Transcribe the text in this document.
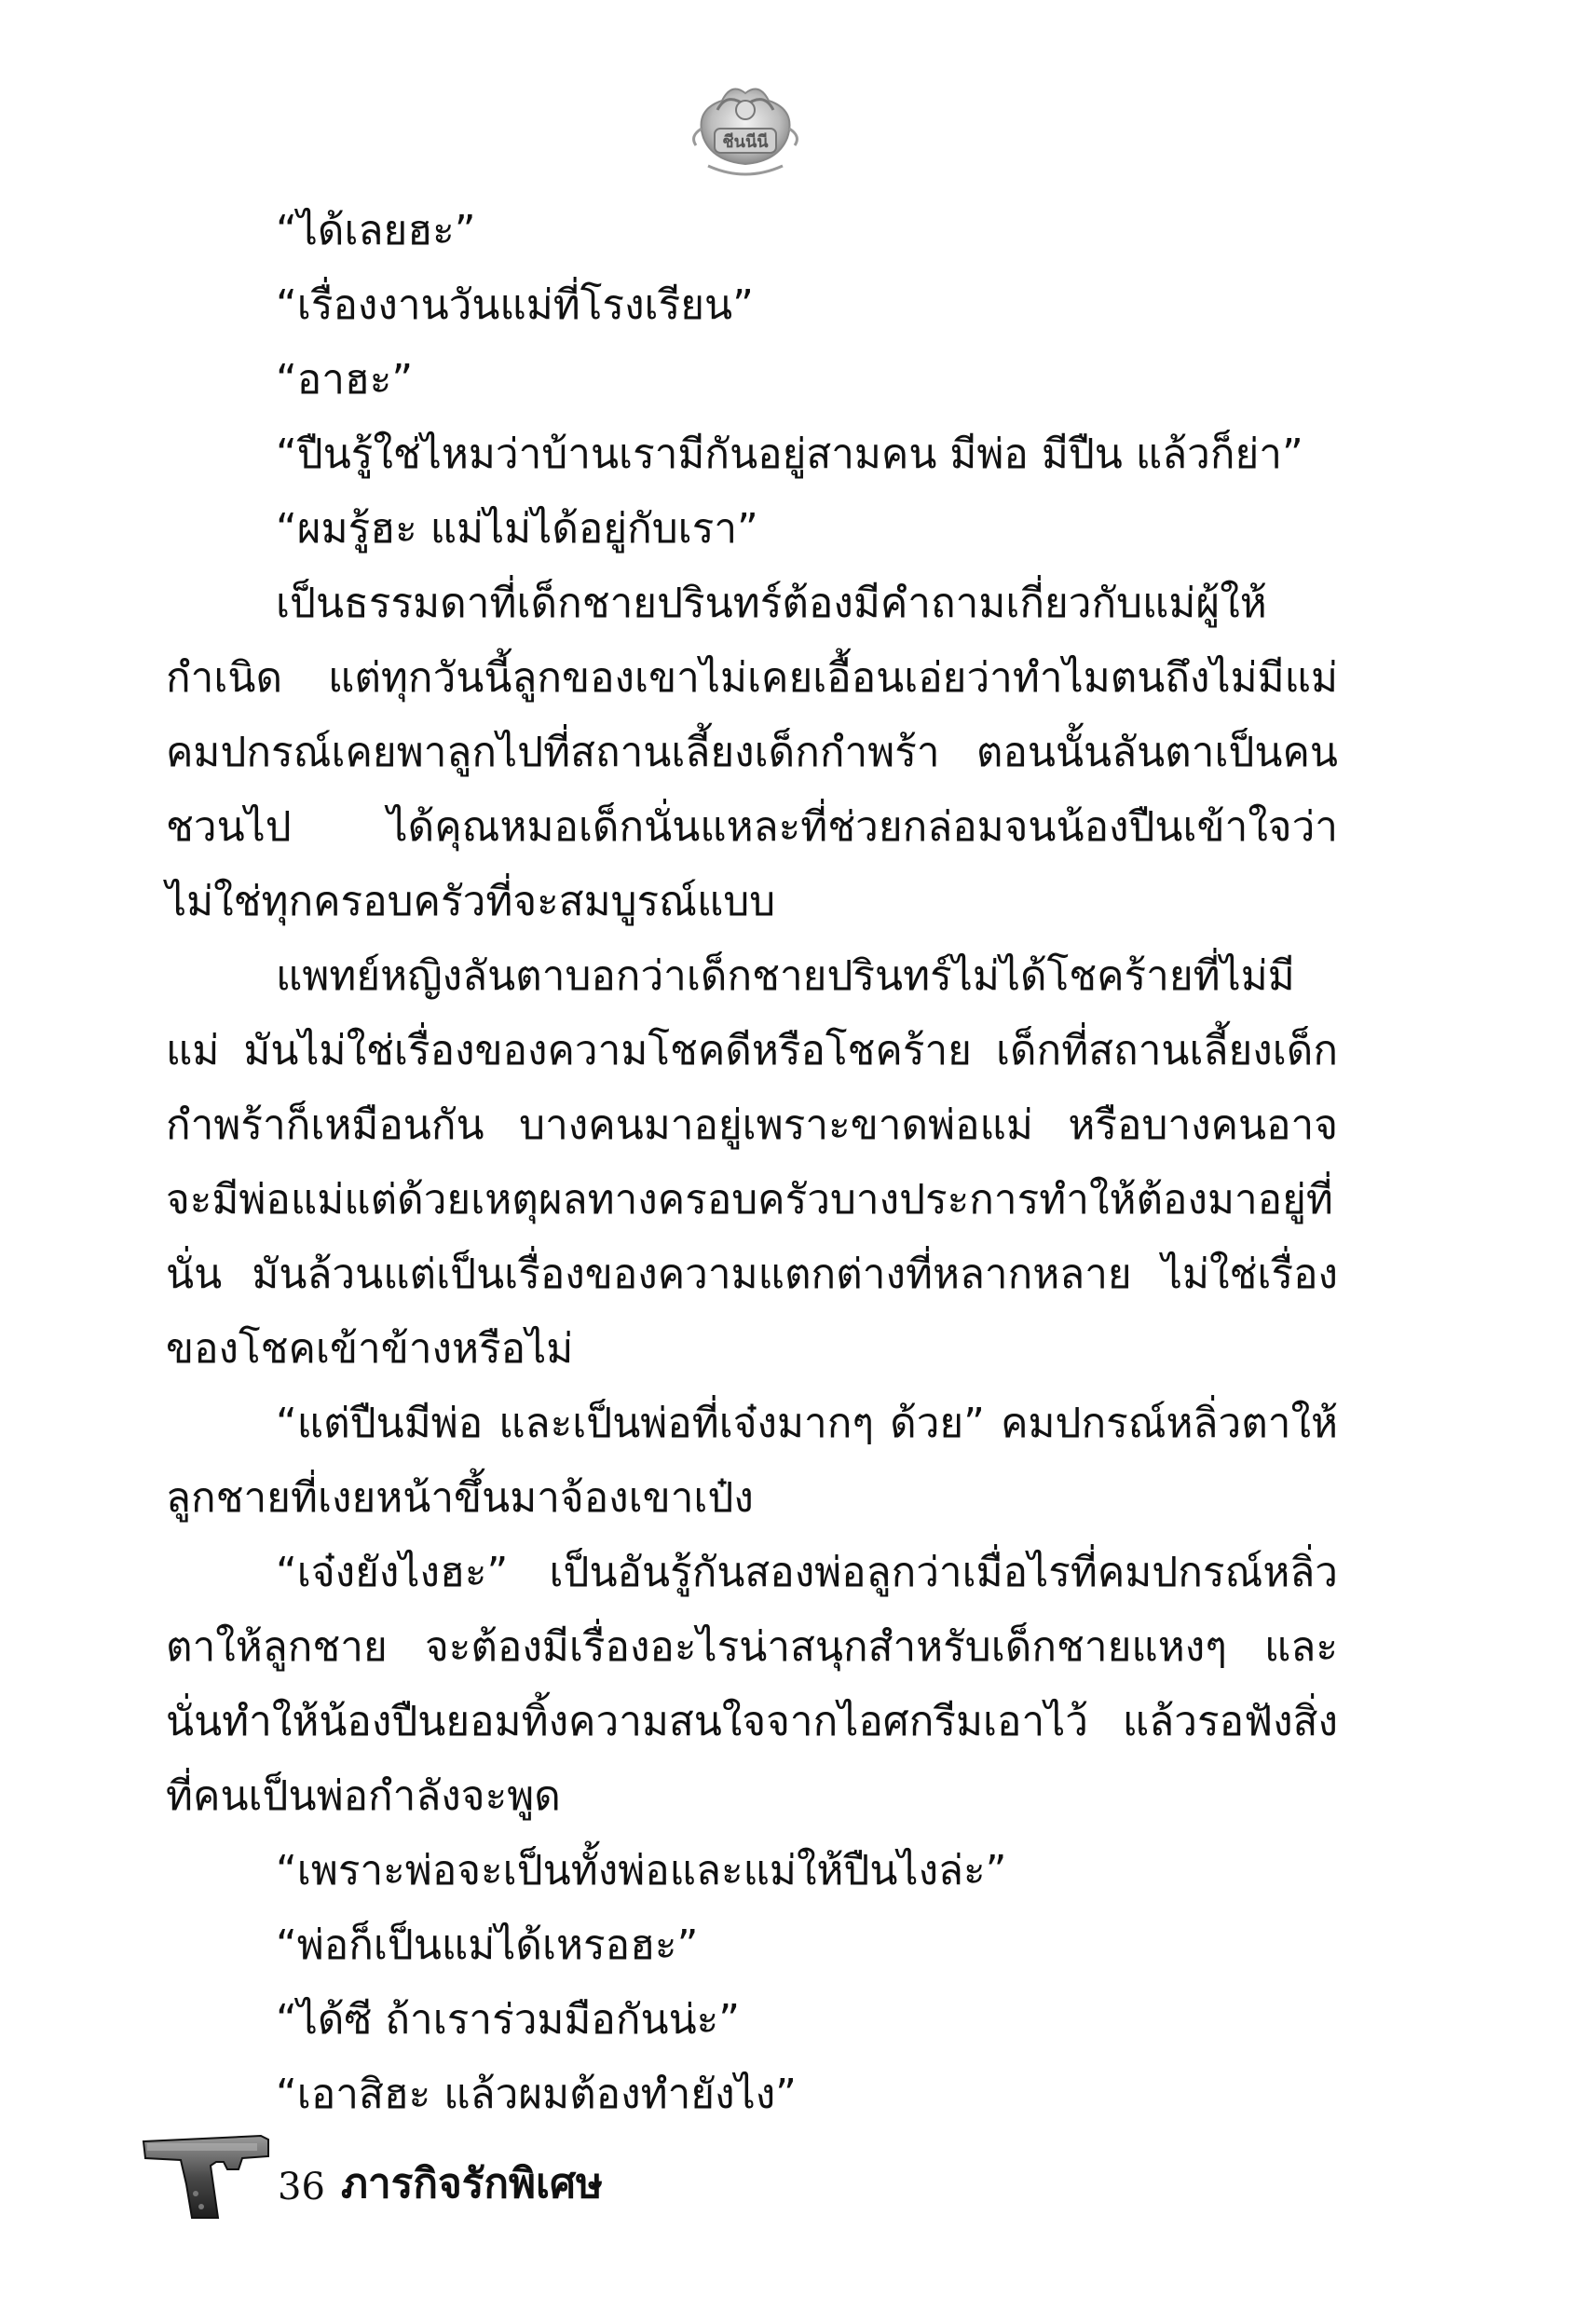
ชีนนีนี

“ได้เลยฮะ”

“เรื่องงานวันแม่ที่โรงเรียน”

“อาฮะ”

“ปืนรู้ใช่ไหมว่าบ้านเรามีกันอยู่สามคน มีพ่อ มีปืน แล้วก็ย่า”

“ผมรู้ฮะ แม่ไม่ได้อยู่กับเรา”

เป็นธรรมดาที่เด็กชายปรินทร์ต้องมีคำถามเกี่ยวกับแม่ผู้ให้กำเนิด แต่ทุกวันนี้ลูกของเขาไม่เคยเอื้อนเอ่ยว่าทำไมตนถึงไม่มีแม่ คมปกรณ์เคยพาลูกไปที่สถานเลี้ยงเด็กกำพร้า ตอนนั้นลันตาเป็นคนชวนไป ได้คุณหมอเด็กนั่นแหละที่ช่วยกล่อมจนน้องปืนเข้าใจว่าไม่ใช่ทุกครอบครัวที่จะสมบูรณ์แบบ

แพทย์หญิงลันตาบอกว่าเด็กชายปรินทร์ไม่ได้โชคร้ายที่ไม่มีแม่ มันไม่ใช่เรื่องของความโชคดีหรือโชคร้าย เด็กที่สถานเลี้ยงเด็กกำพร้าก็เหมือนกัน บางคนมาอยู่เพราะขาดพ่อแม่ หรือบางคนอาจจะมีพ่อแม่แต่ด้วยเหตุผลทางครอบครัวบางประการทำให้ต้องมาอยู่ที่นั่น มันล้วนแต่เป็นเรื่องของความแตกต่างที่หลากหลาย ไม่ใช่เรื่องของโชคเข้าข้างหรือไม่

“แต่ปืนมีพ่อ และเป็นพ่อที่เจ๋งมากๆ ด้วย” คมปกรณ์หลิ่วตาให้ลูกชายที่เงยหน้าขึ้นมาจ้องเขาเป๋ง

“เจ๋งยังไงฮะ” เป็นอันรู้กันสองพ่อลูกว่าเมื่อไรที่คมปกรณ์หลิ่วตาให้ลูกชาย จะต้องมีเรื่องอะไรน่าสนุกสำหรับเด็กชายแหงๆ และนั่นทำให้น้องปืนยอมทิ้งความสนใจจากไอศกรีมเอาไว้ แล้วรอฟังสิ่งที่คนเป็นพ่อกำลังจะพูด

“เพราะพ่อจะเป็นทั้งพ่อและแม่ให้ปืนไงล่ะ”

“พ่อก็เป็นแม่ได้เหรอฮะ”

“ได้ซี ถ้าเราร่วมมือกันน่ะ”

“เอาสิฮะ แล้วผมต้องทำยังไง”

36 ภารกิจรักพิเศษ
